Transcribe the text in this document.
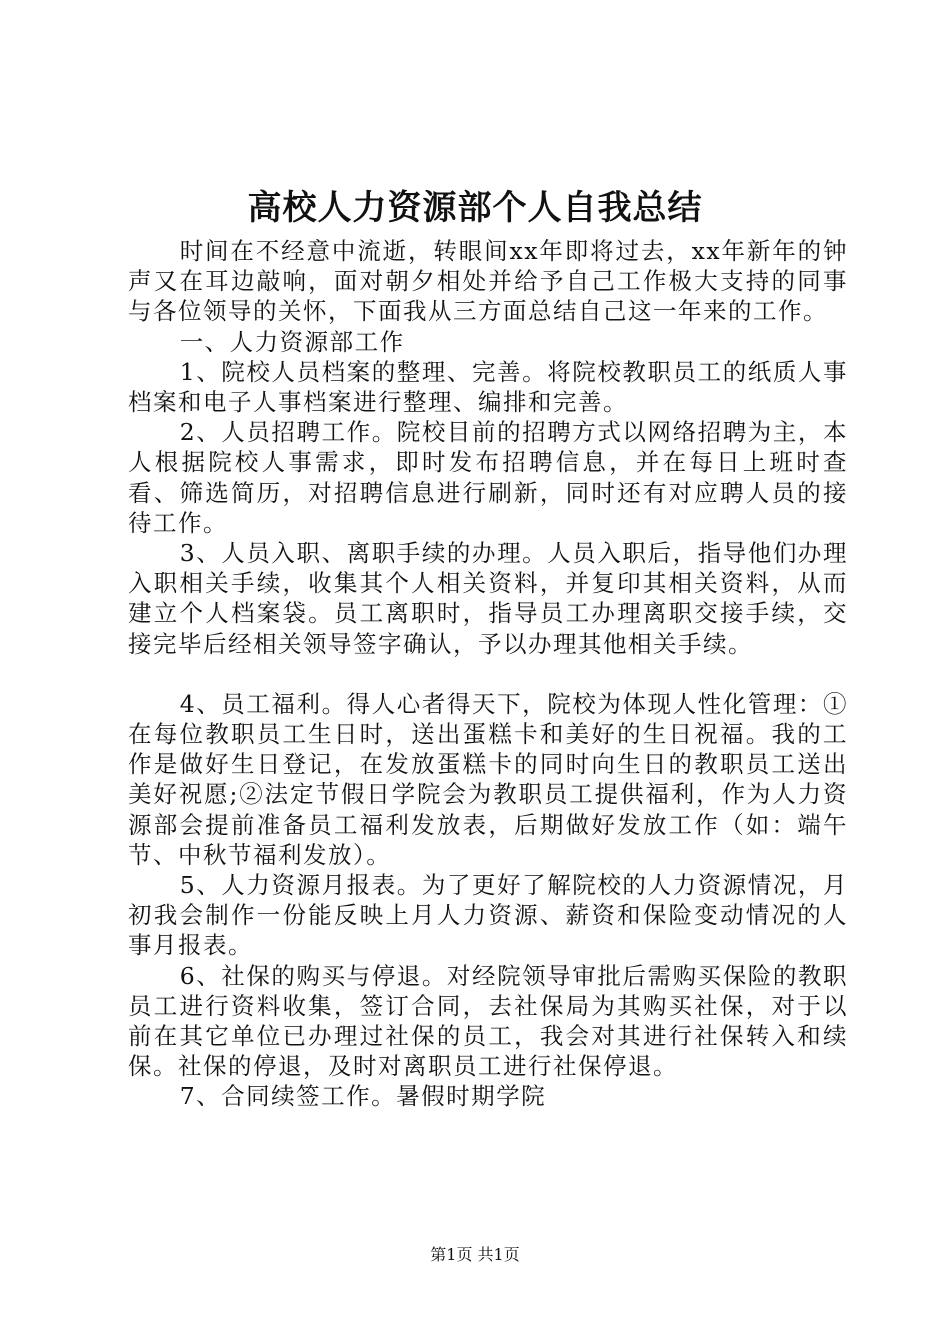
高校人力资源部个人自我总结

时间在不经意中流逝，转眼间xx年即将过去，xx年新年的钟声又在耳边敲响，面对朝夕相处并给予自己工作极大支持的同事与各位领导的关怀，下面我从三方面总结自己这一年来的工作。

一、人力资源部工作

1、院校人员档案的整理、完善。将院校教职员工的纸质人事档案和电子人事档案进行整理、编排和完善。

2、人员招聘工作。院校目前的招聘方式以网络招聘为主，本人根据院校人事需求，即时发布招聘信息，并在每日上班时查看、筛选简历，对招聘信息进行刷新，同时还有对应聘人员的接待工作。

3、人员入职、离职手续的办理。人员入职后，指导他们办理入职相关手续，收集其个人相关资料，并复印其相关资料，从而建立个人档案袋。员工离职时，指导员工办理离职交接手续，交接完毕后经相关领导签字确认，予以办理其他相关手续。

4、员工福利。得人心者得天下，院校为体现人性化管理：①在每位教职员工生日时，送出蛋糕卡和美好的生日祝福。我的工作是做好生日登记，在发放蛋糕卡的同时向生日的教职员工送出美好祝愿;②法定节假日学院会为教职员工提供福利，作为人力资源部会提前准备员工福利发放表，后期做好发放工作（如：端午节、中秋节福利发放）。

5、人力资源月报表。为了更好了解院校的人力资源情况，月初我会制作一份能反映上月人力资源、薪资和保险变动情况的人事月报表。

6、社保的购买与停退。对经院领导审批后需购买保险的教职员工进行资料收集，签订合同，去社保局为其购买社保，对于以前在其它单位已办理过社保的员工，我会对其进行社保转入和续保。社保的停退，及时对离职员工进行社保停退。

7、合同续签工作。暑假时期学院

第1页 共1页
